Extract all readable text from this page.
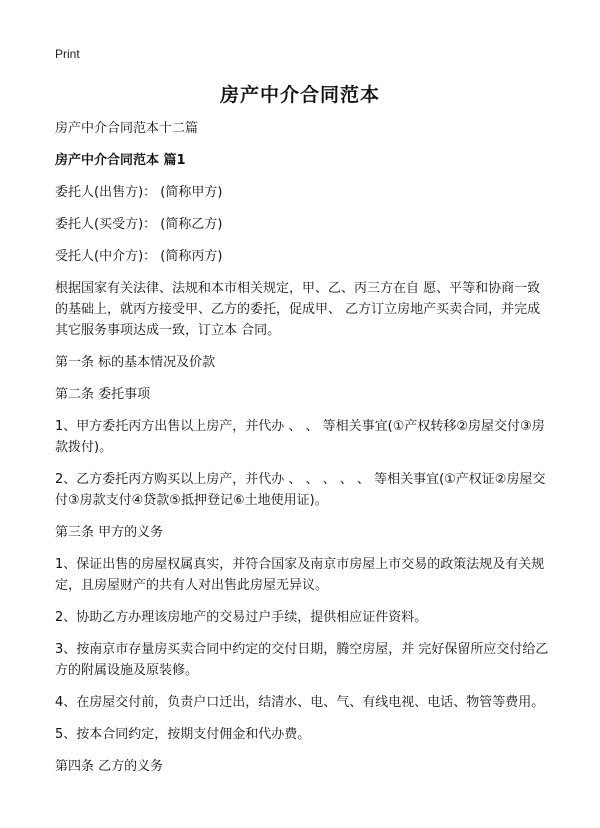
Print
房产中介合同范本

房产中介合同范本十二篇

房产中介合同范本 篇1

委托人(出售方)： (简称甲方)

委托人(买受方)： (简称乙方)

受托人(中介方)： (简称丙方)

根据国家有关法律、法规和本市相关规定，甲、乙、丙三方在自 愿、平等和协商一致的基础上，就丙方接受甲、乙方的委托，促成甲、 乙方订立房地产买卖合同，并完成其它服务事项达成一致，订立本 合同。

第一条 标的基本情况及价款

第二条 委托事项

1、甲方委托丙方出售以上房产，并代办 、 、 等相关事宜(①产权转移②房屋交付③房款拨付)。

2、乙方委托丙方购买以上房产，并代办 、 、 、 、 、 等相关事宜(①产权证②房屋交付③房款支付④贷款⑤抵押登记⑥土地使用证)。

第三条 甲方的义务

1、保证出售的房屋权属真实，并符合国家及南京市房屋上市交易的政策法规及有关规定，且房屋财产的共有人对出售此房屋无异议。

2、协助乙方办理该房地产的交易过户手续，提供相应证件资料。

3、按南京市存量房买卖合同中约定的交付日期，腾空房屋，并 完好保留所应交付给乙方的附属设施及原装修。

4、在房屋交付前，负责户口迁出，结清水、电、气、有线电视、电话、物管等费用。

5、按本合同约定，按期支付佣金和代办费。

第四条 乙方的义务
